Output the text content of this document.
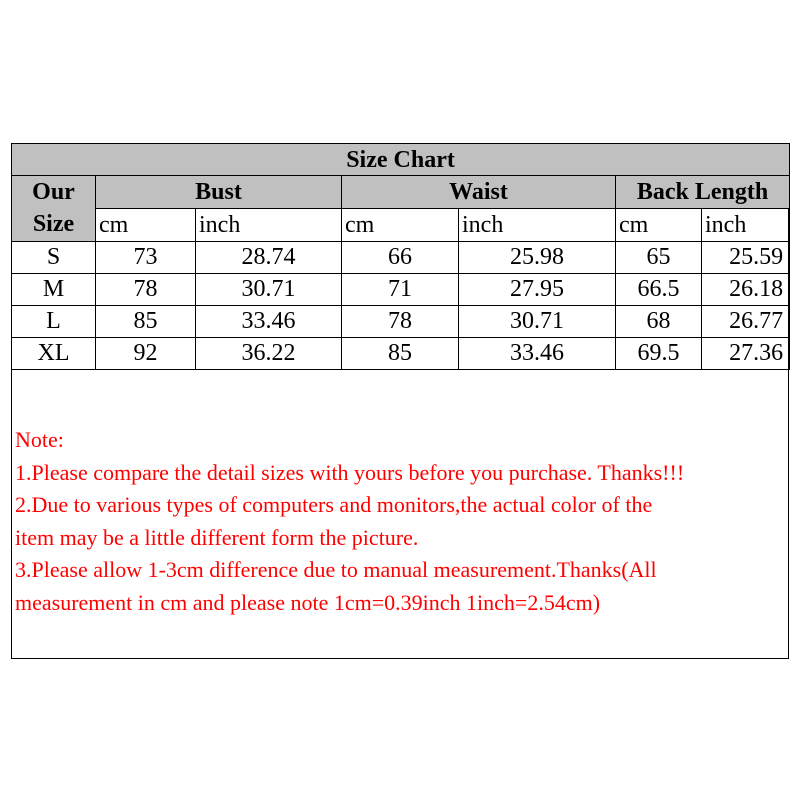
Size Chart						
Our
Size	Bust		Waist		Back Length	
	cm	inch	cm	inch	cm	inch
S	73	28.74	66	25.98	65	25.59
M	78	30.71	71	27.95	66.5	26.18
L	85	33.46	78	30.71	68	26.77
XL	92	36.22	85	33.46	69.5	27.36
Note:
1.Please compare the detail sizes with yours before you purchase. Thanks!!!
2.Due to various types of computers and monitors,the actual color of the
item may be a little different form the picture.
3.Please allow 1-3cm difference due to manual measurement.Thanks(All
measurement in cm and please note 1cm=0.39inch 1inch=2.54cm)
